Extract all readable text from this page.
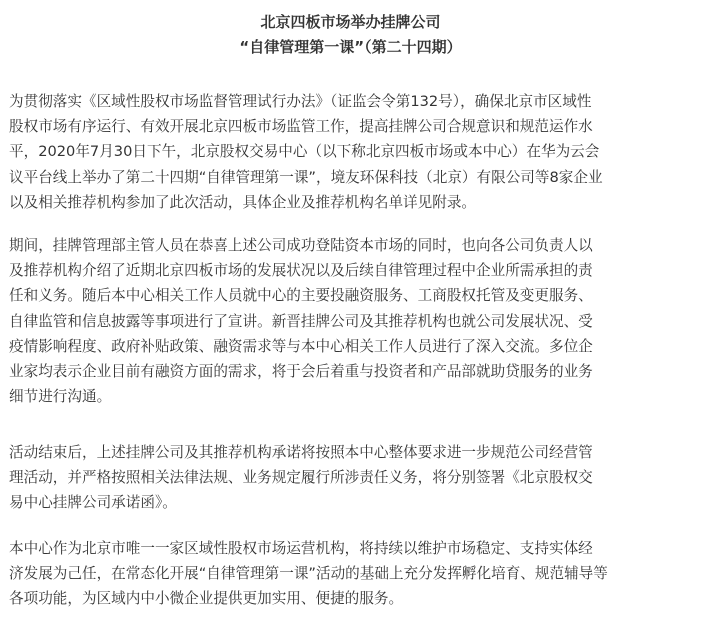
北京四板市场举办挂牌公司
“自律管理第一课”（第二十四期）
为贯彻落实《区域性股权市场监督管理试行办法》（证监会令第132号），确保北京市区域性
股权市场有序运行、有效开展北京四板市场监管工作，提高挂牌公司合规意识和规范运作水
平，2020年7月30日下午，北京股权交易中心（以下称北京四板市场或本中心）在华为云会
议平台线上举办了第二十四期“自律管理第一课”，境友环保科技（北京）有限公司等8家企业
以及相关推荐机构参加了此次活动，具体企业及推荐机构名单详见附录。
期间，挂牌管理部主管人员在恭喜上述公司成功登陆资本市场的同时，也向各公司负责人以
及推荐机构介绍了近期北京四板市场的发展状况以及后续自律管理过程中企业所需承担的责
任和义务。随后本中心相关工作人员就中心的主要投融资服务、工商股权托管及变更服务、
自律监管和信息披露等事项进行了宣讲。新晋挂牌公司及其推荐机构也就公司发展状况、受
疫情影响程度、政府补贴政策、融资需求等与本中心相关工作人员进行了深入交流。多位企
业家均表示企业目前有融资方面的需求，将于会后着重与投资者和产品部就助贷服务的业务
细节进行沟通。
活动结束后，上述挂牌公司及其推荐机构承诺将按照本中心整体要求进一步规范公司经营管
理活动，并严格按照相关法律法规、业务规定履行所涉责任义务，将分别签署《北京股权交
易中心挂牌公司承诺函》。
本中心作为北京市唯一一家区域性股权市场运营机构，将持续以维护市场稳定、支持实体经
济发展为己任，在常态化开展“自律管理第一课”活动的基础上充分发挥孵化培育、规范辅导等
各项功能，为区域内中小微企业提供更加实用、便捷的服务。
